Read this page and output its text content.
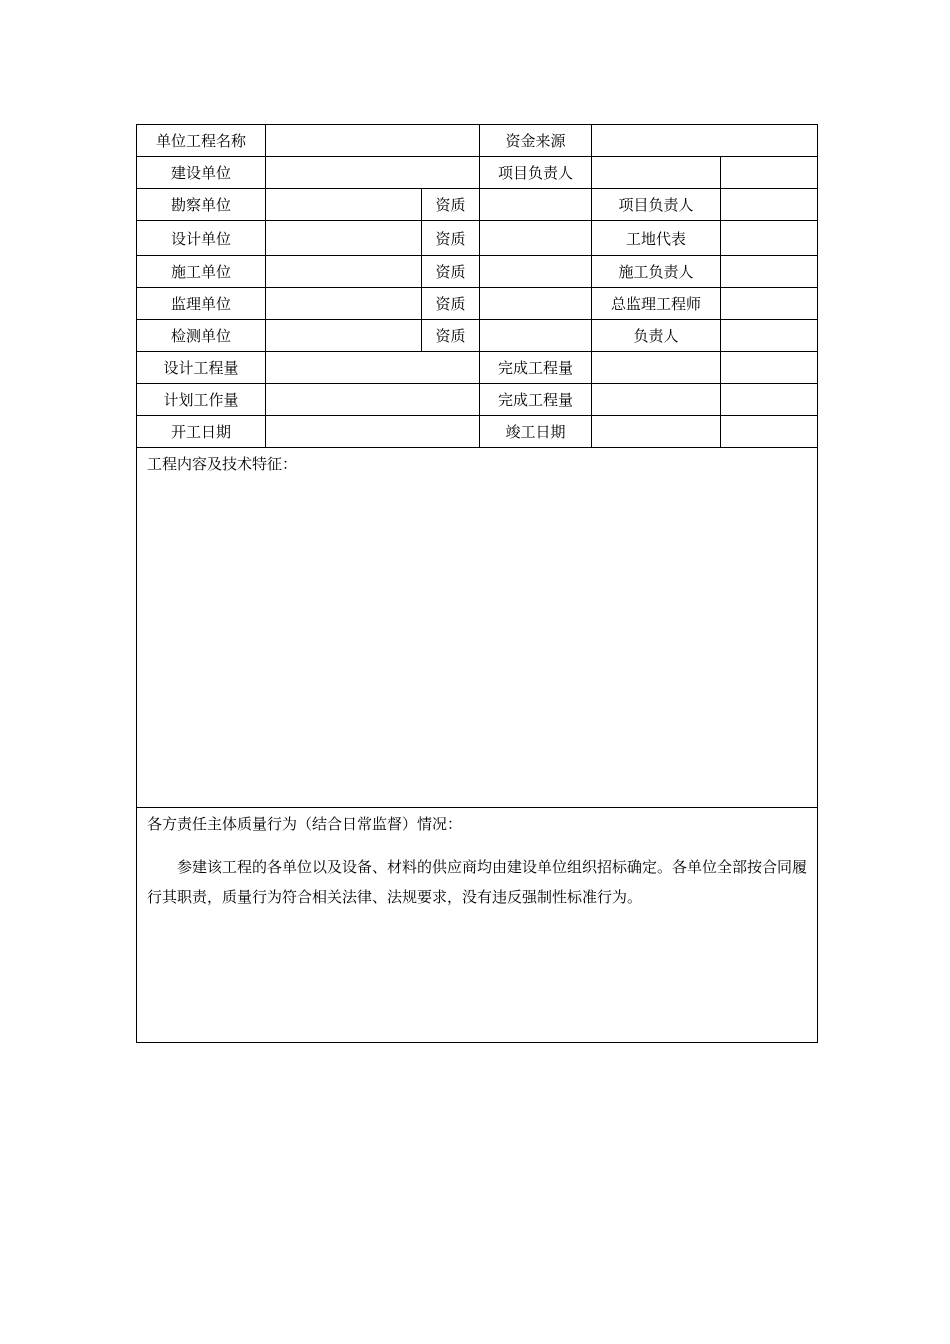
单位工程名称			资金来源		
建设单位			项目负责人		
勘察单位		资质		项目负责人	
设计单位		资质		工地代表	
施工单位		资质		施工负责人	
监理单位		资质		总监理工程师	
检测单位		资质		负责人	
设计工程量			完成工程量		
计划工作量			完成工程量		
开工日期			竣工日期		

工程内容及技术特征：					

各方责任主体质量行为（结合日常监督）情况：
参建该工程的各单位以及设备、材料的供应商均由建设单位组织招标确定。各单位全部按合同履行其职责，质量行为符合相关法律、法规要求，没有违反强制性标准行为。					
